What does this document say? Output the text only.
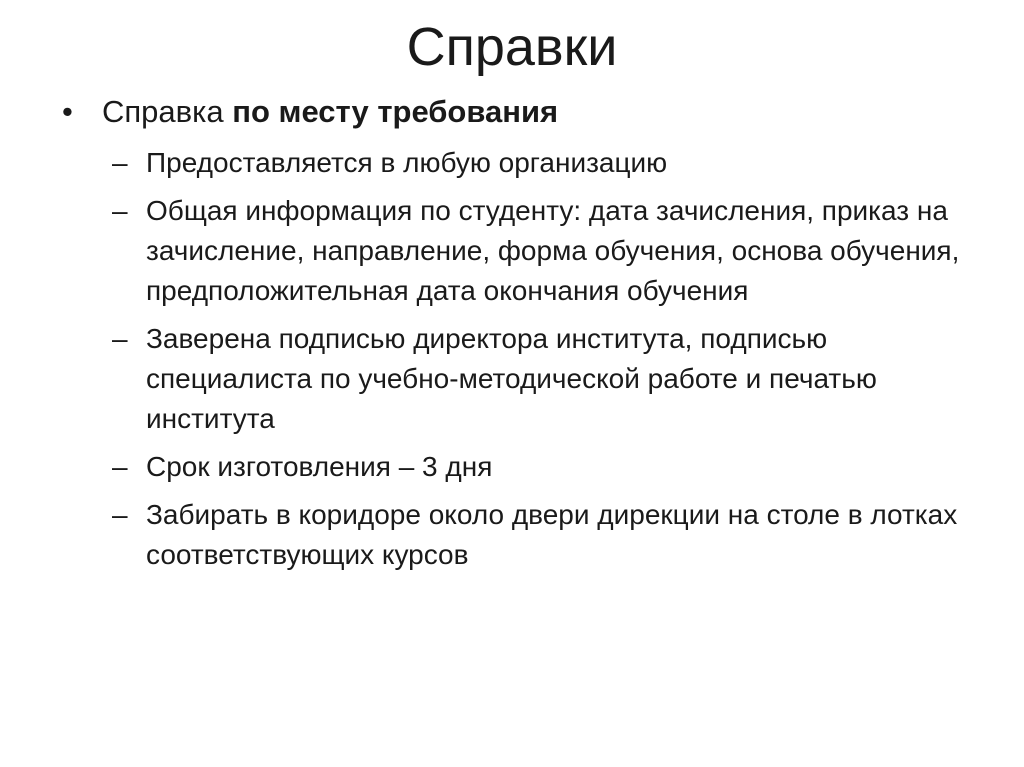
Справки
• Справка по месту требования
– Предоставляется в любую организацию
– Общая информация по студенту: дата зачисления, приказ на зачисление, направление, форма обучения, основа обучения, предположительная дата окончания обучения
– Заверена подписью директора института, подписью специалиста по учебно-методической работе и печатью института
– Срок изготовления – 3 дня
– Забирать в коридоре около двери дирекции на столе в лотках соответствующих курсов
